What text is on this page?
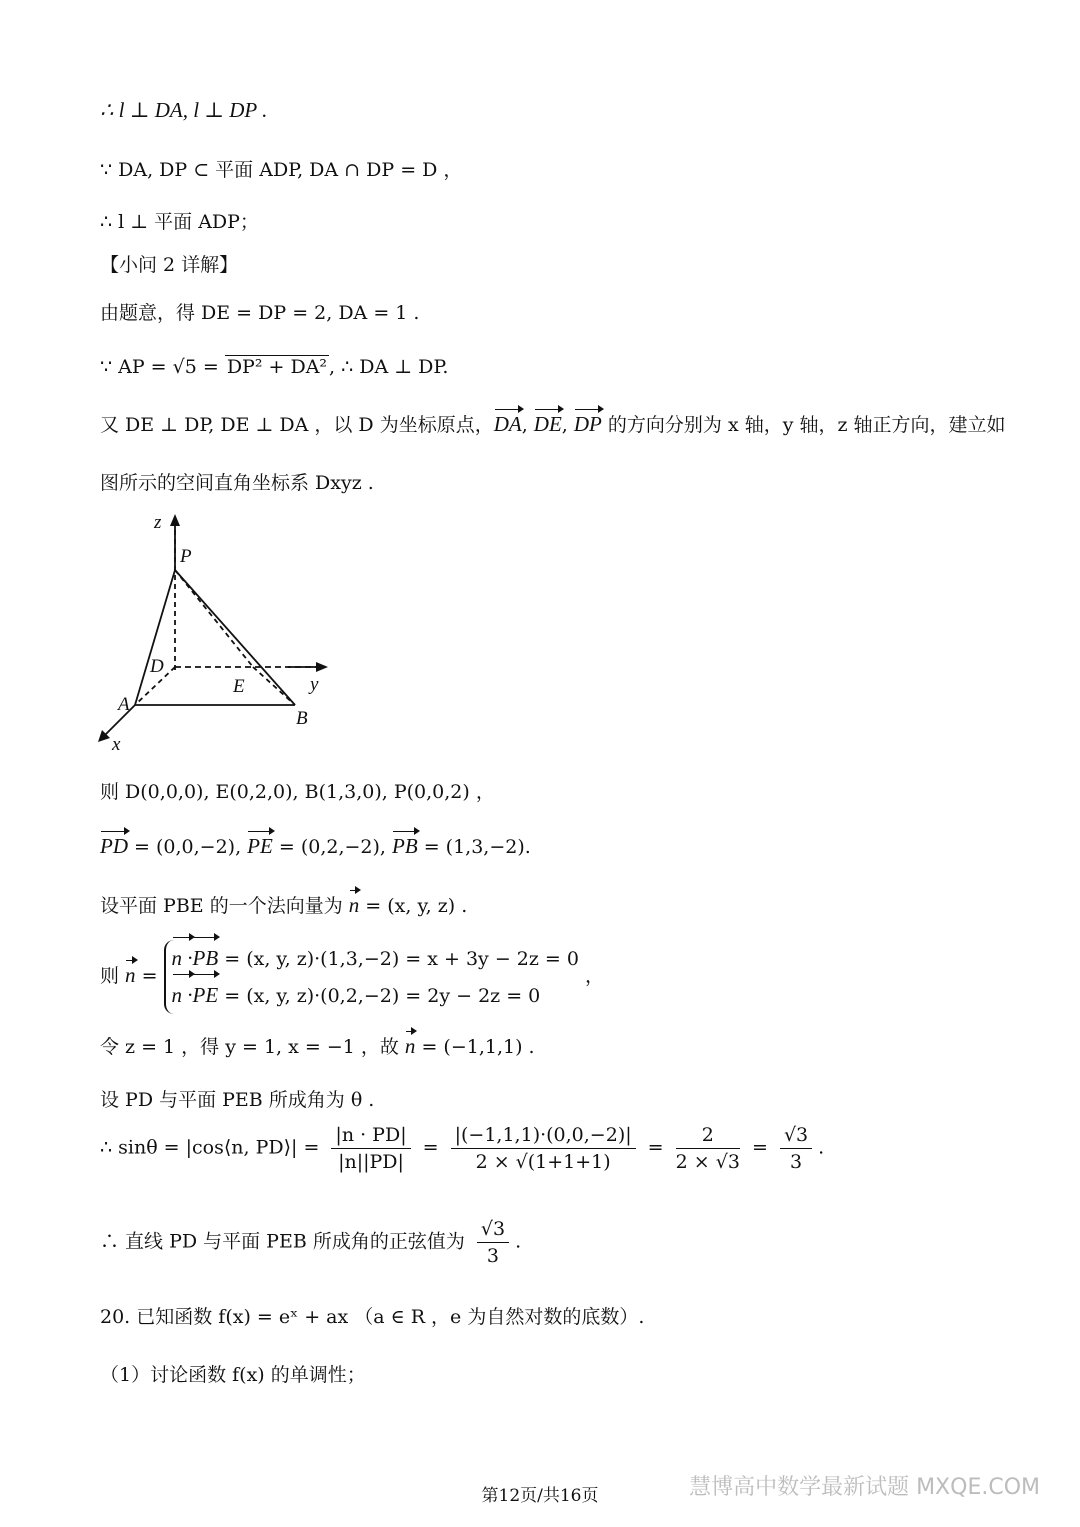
∴ l ⊥ DA, l ⊥ DP .
∵ DA, DP ⊂ 平面 ADP, DA ∩ DP = D ，
∴ l ⊥ 平面 ADP；
【小问 2 详解】
由题意，得 DE = DP = 2, DA = 1 .
∵ AP = √5 = DP² + DA² , ∴ DA ⊥ DP.
又 DE ⊥ DP, DE ⊥ DA ，以 D 为坐标原点，DA, DE, DP 的方向分别为 x 轴，y 轴，z 轴正方向，建立如
图所示的空间直角坐标系 Dxyz .
z
P
D
E	y
A
B
x
则 D(0,0,0), E(0,2,0), B(1,3,0), P(0,0,2) ，
PD = (0,0,−2), PE = (0,2,−2), PB = (1,3,−2).
设平面 PBE 的一个法向量为 n = (x, y, z) .
则 n =
n ·PB = (x, y, z)·(1,3,−2) = x + 3y − 2z = 0
n ·PE = (x, y, z)·(0,2,−2) = 2y − 2z = 0
，
令 z = 1 ，得 y = 1, x = −1 ，故 n = (−1,1,1) .
设 PD 与平面 PEB 所成角为 θ .
∴ sinθ = |cos⟨n, PD⟩| = $\frac{|n \cdot PD|}{|n||PD|} = \frac{|(-1,1,1)\cdot(0,0,-2)|}{2 \times √(1+1+1)} = \frac{2}{2 \times √3} = \frac{√3}{3}$ .
∴ 直线 PD 与平面 PEB 所成角的正弦值为 $\frac{√3}{3}$ .
20. 已知函数 f(x) = eˣ + ax （a ∈ R ，e 为自然对数的底数）.
（1）讨论函数 f(x) 的单调性；
第12页/共16页	慧博高中数学最新试题 MXQE.COM
